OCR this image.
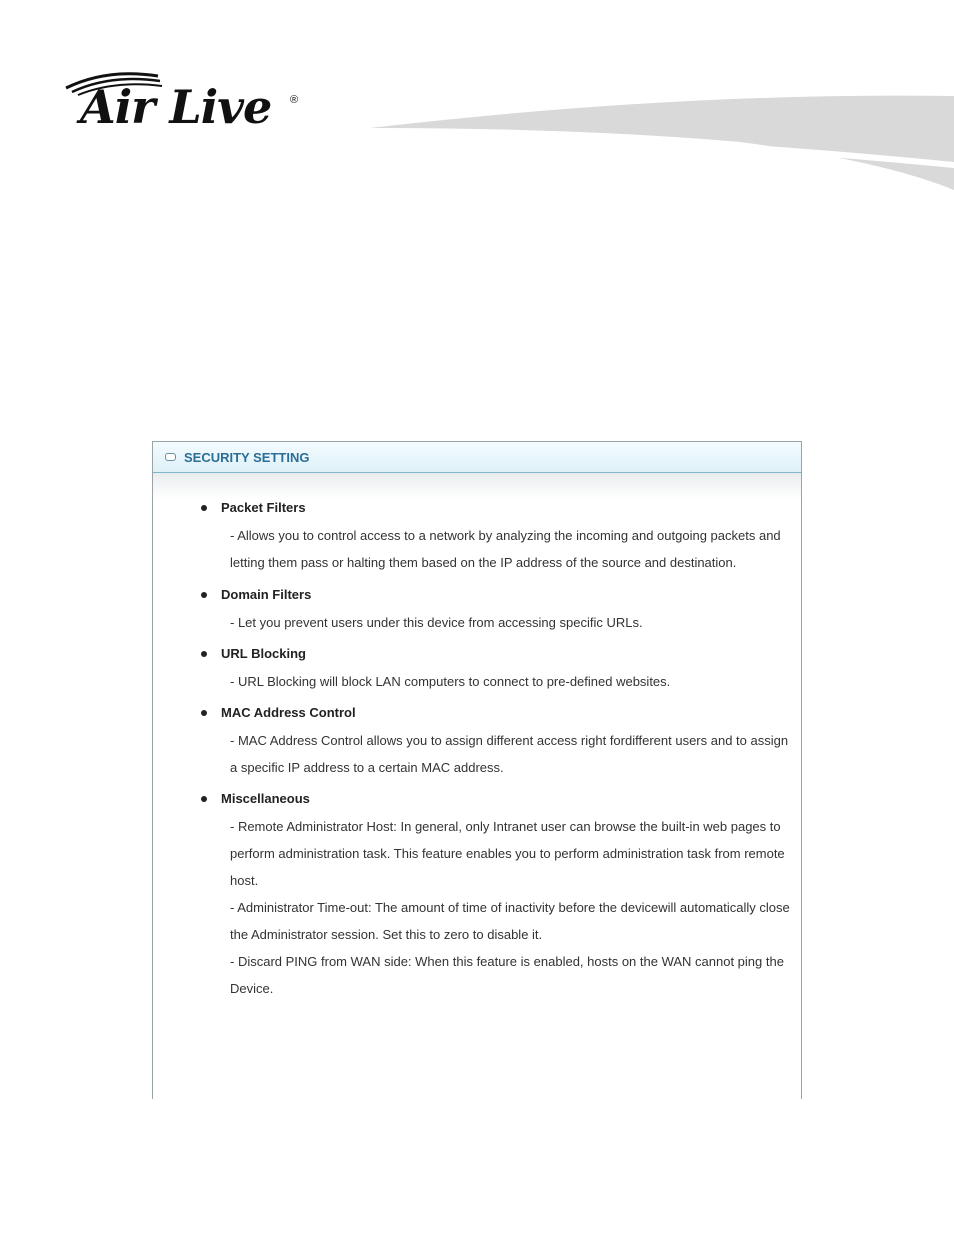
Air Live ®
SECURITY SETTING
Packet Filters
- Allows you to control access to a network by analyzing the incoming and outgoing packets and letting them pass or halting them based on the IP address of the source and destination.
Domain Filters
- Let you prevent users under this device from accessing specific URLs.
URL Blocking
- URL Blocking will block LAN computers to connect to pre-defined websites.
MAC Address Control
- MAC Address Control allows you to assign different access right fordifferent users and to assign a specific IP address to a certain MAC address.
Miscellaneous
- Remote Administrator Host: In general, only Intranet user can browse the built-in web pages to perform administration task. This feature enables you to perform administration task from remote host.
- Administrator Time-out: The amount of time of inactivity before the devicewill automatically close the Administrator session. Set this to zero to disable it.
- Discard PING from WAN side: When this feature is enabled, hosts on the WAN cannot ping the Device.
